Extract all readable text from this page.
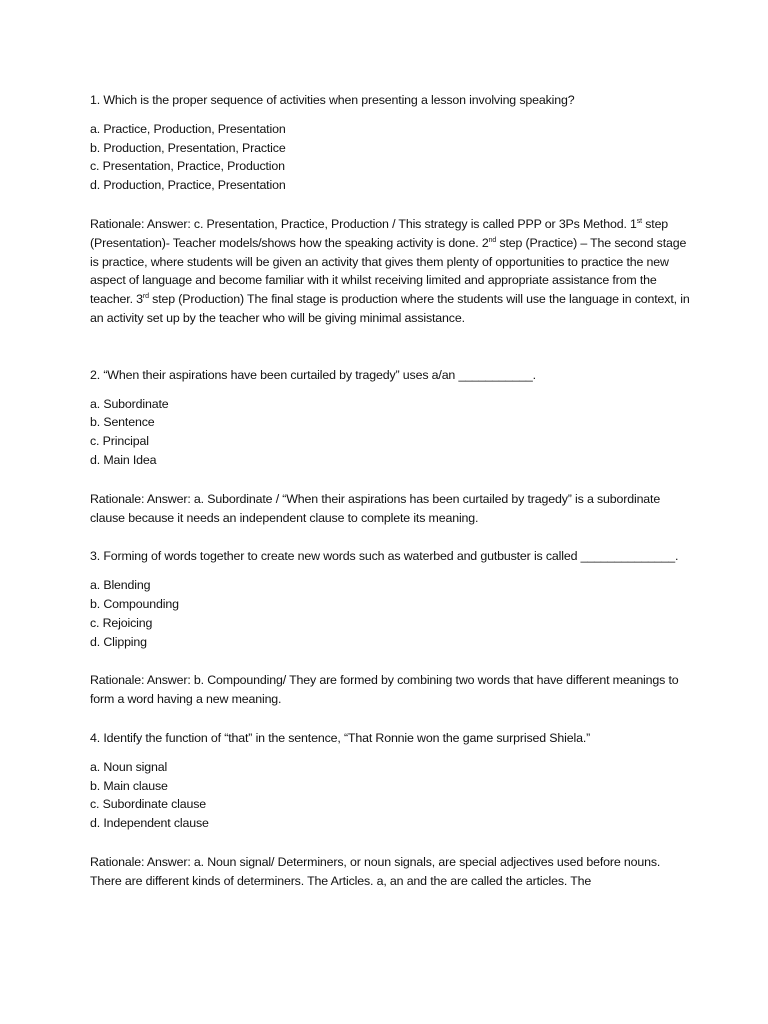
1. Which is the proper sequence of activities when presenting a lesson involving speaking?

a. Practice, Production, Presentation
b. Production, Presentation, Practice
c. Presentation, Practice, Production
d. Production, Practice, Presentation

Rationale: Answer: c. Presentation, Practice, Production / This strategy is called PPP or 3Ps Method. 1st step (Presentation)- Teacher models/shows how the speaking activity is done. 2nd step (Practice) – The second stage is practice, where students will be given an activity that gives them plenty of opportunities to practice the new aspect of language and become familiar with it whilst receiving limited and appropriate assistance from the teacher. 3rd step (Production) The final stage is production where the students will use the language in context, in an activity set up by the teacher who will be giving minimal assistance.

2. “When their aspirations have been curtailed by tragedy” uses a/an ___________.

a. Subordinate
b. Sentence
c. Principal
d. Main Idea

Rationale: Answer: a. Subordinate / “When their aspirations has been curtailed by tragedy” is a subordinate clause because it needs an independent clause to complete its meaning.

3. Forming of words together to create new words such as waterbed and gutbuster is called ______________.

a. Blending
b. Compounding
c. Rejoicing
d. Clipping

Rationale: Answer: b. Compounding/ They are formed by combining two words that have different meanings to form a word having a new meaning.

4. Identify the function of “that” in the sentence, “That Ronnie won the game surprised Shiela.”

a. Noun signal
b. Main clause
c. Subordinate clause
d. Independent clause

Rationale: Answer: a. Noun signal/ Determiners, or noun signals, are special adjectives used before nouns. There are different kinds of determiners. The Articles. a, an and the are called the articles. The
